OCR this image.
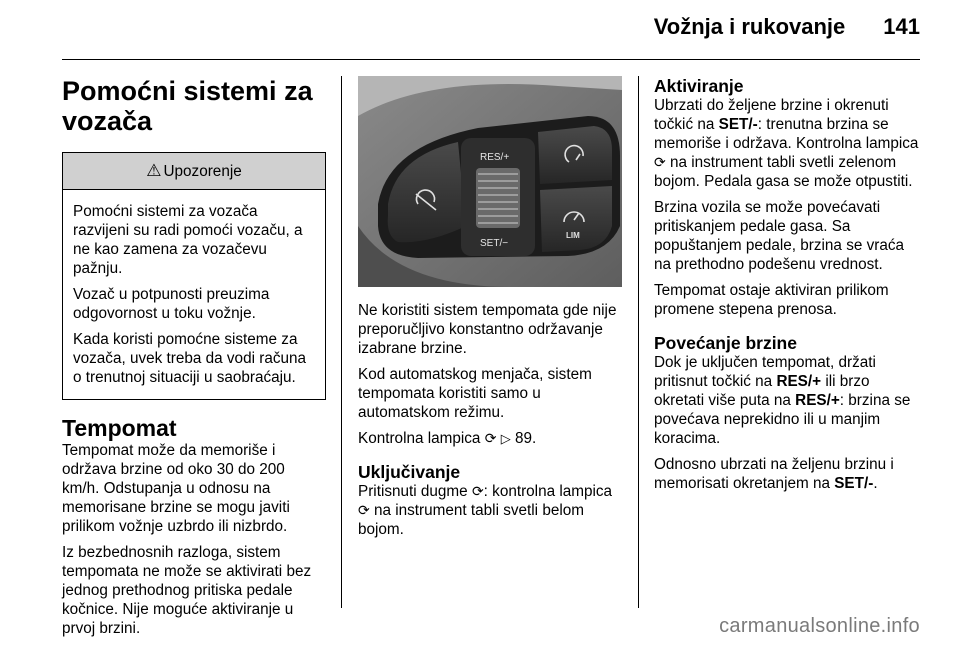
Vožnja i rukovanje 141
Pomoćni sistemi za vozača
⚠ Upozorenje

Pomoćni sistemi za vozača razvijeni su radi pomoći vozaču, a ne kao zamena za vozačevu pažnju.

Vozač u potpunosti preuzima odgovornost u toku vožnje.

Kada koristi pomoćne sisteme za vozača, uvek treba da vodi računa o trenutnoj situaciji u saobraćaju.

Tempomat

Tempomat može da memoriše i održava brzine od oko 30 do 200 km/h. Odstupanja u odnosu na memorisane brzine se mogu javiti prilikom vožnje uzbrdo ili nizbrdo.

Iz bezbednosnih razloga, sistem tempomata ne može se aktivirati bez jednog prethodnog pritiska pedale kočnice. Nije moguće aktiviranje u prvoj brzini.

RES/+
SET/−
LIM

Ne koristiti sistem tempomata gde nije preporučljivo konstantno održavanje izabrane brzine.

Kod automatskog menjača, sistem tempomata koristiti samo u automatskom režimu.

Kontrolna lampica ⟳ ▷ 89.

Uključivanje

Pritisnuti dugme ⟳: kontrolna lampica ⟳ na instrument tabli svetli belom bojom.

Aktiviranje

Ubrzati do željene brzine i okrenuti točkić na SET/-: trenutna brzina se memoriše i održava. Kontrolna lampica ⟳ na instrument tabli svetli zelenom bojom. Pedala gasa se može otpustiti.

Brzina vozila se može povećavati pritiskanjem pedale gasa. Sa popuštanjem pedale, brzina se vraća na prethodno podešenu vrednost.

Tempomat ostaje aktiviran prilikom promene stepena prenosa.

Povećanje brzine

Dok je uključen tempomat, držati pritisnut točkić na RES/+ ili brzo okretati više puta na RES/+: brzina se povećava neprekidno ili u manjim koracima.

Odnosno ubrzati na željenu brzinu i memorisati okretanjem na SET/-.

carmanualsonline.info
